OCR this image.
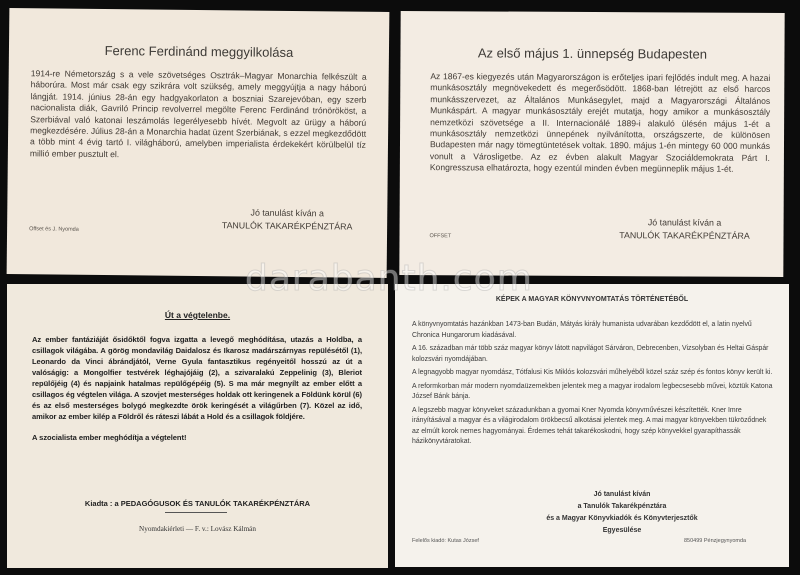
Ferenc Ferdinánd meggyilkolása
1914-re Németország s a vele szövetséges Osztrák–Magyar Monarchia felkészült a háborúra. Most már csak egy szikrára volt szükség, amely meggyújtja a nagy háború lángját. 1914. június 28-án egy hadgyakorlaton a boszniai Szarejevóban, egy szerb nacionalista diák, Gavriló Princip revolverrel megölte Ferenc Ferdinánd trónörököst, a Szerbiával való katonai leszámolás legerélyesebb hívét. Megvolt az ürügy a háború megkezdésére. Július 28-án a Monarchia hadat üzent Szerbiának, s ezzel megkezdődött a több mint 4 évig tartó I. világháború, amelyben imperialista érdekekért körülbelül tíz millió ember pusztult el.
Jó tanulást kíván a
TANULÓK TAKARÉKPÉNZTÁRA
Offset és J. Nyomda
Az első május 1. ünnepség Budapesten
Az 1867-es kiegyezés után Magyarországon is erőteljes ipari fejlődés indult meg. A hazai munkásosztály megnövekedett és megerősödött. 1868-ban létrejött az első harcos munkásszervezet, az Általános Munkásegylet, majd a Magyarországi Általános Munkáspárt. A magyar munkásosztály erejét mutatja, hogy amikor a munkásosztály nemzetközi szövetsége a II. Internacionálé 1889-i alakuló ülésén május 1-ét a munkásosztály nemzetközi ünnepének nyilvánította, országszerte, de különösen Budapesten már nagy tömegtüntetések voltak. 1890. május 1-én mintegy 60 000 munkás vonult a Városligetbe. Az ez évben alakult Magyar Szociáldemokrata Párt I. Kongresszusa elhatározta, hogy ezentúl minden évben megünneplik május 1-ét.
Jó tanulást kíván a
TANULÓK TAKARÉKPÉNZTÁRA
OFFSET
Út a végtelenbe.

Az ember fantáziáját ősidőktől fogva izgatta a levegő meghódítása, utazás a Holdba, a csillagok világába. A görög mondavilág Daidalosz és Ikarosz madárszárnyas repülésétől (1), Leonardo da Vinci ábrándjától, Verne Gyula fantasztikus regényeitől hosszú az út a valóságig: a Mongolfier testvérek léghajójáig (2), a szivaralakú Zeppelinig (3), Bleriot repülőjéig (4) és napjaink hatalmas repülőgépéig (5). S ma már megnyílt az ember előtt a csillagos ég végtelen világa. A szovjet mesterséges holdak ott keringenek a Földünk körül (6) és az első mesterséges bolygó megkezdte örök keringését a világűrben (7). Közel az idő, amikor az ember kilép a Földről és ráteszi lábát a Hold és a csillagok földjére.

A szocialista ember meghódítja a végtelent!

Kiadta : a PEDAGÓGUSOK ÉS TANULÓK TAKARÉKPÉNZTÁRA
Nyomdakiérleti — F. v.: Lovász Kálmán
KÉPEK A MAGYAR KÖNYVNYOMTATÁS TÖRTÉNETÉBŐL

A könyvnyomtatás hazánkban 1473-ban Budán, Mátyás király humanista udvarában kezdődött el, a latin nyelvű Chronica Hungarorum kiadásával.

A 16. században már több száz magyar könyv látott napvilágot Sárváron, Debrecenben, Vizsolyban és Heltai Gáspár kolozsvári nyomdájában.

A legnagyobb magyar nyomdász, Tótfalusi Kis Miklós kolozsvári műhelyéből közel száz szép és fontos könyv került ki.

A reformkorban már modern nyomdaüzemekben jelentek meg a magyar irodalom legbecsesebb művei, köztük Katona József Bánk bánja.

A legszebb magyar könyveket századunkban a gyomai Kner Nyomda könyvművészei készítették. Kner Imre irányításával a magyar és a világirodalom örökbecsű alkotásai jelentek meg. A mai magyar könyvekben tükröződnek az elmúlt korok nemes hagyományai. Érdemes tehát takarékoskodni, hogy szép könyvekkel gyarapíthassák házikönyvtáratokat.

Jó tanulást kíván
a Tanulók Takarékpénztára
és a Magyar Könyvkiadók és Könyvterjesztők
Egyesülése
Felelős kiadó: Kutas József	850499 Pénzjegynyomda
darabanth.com
